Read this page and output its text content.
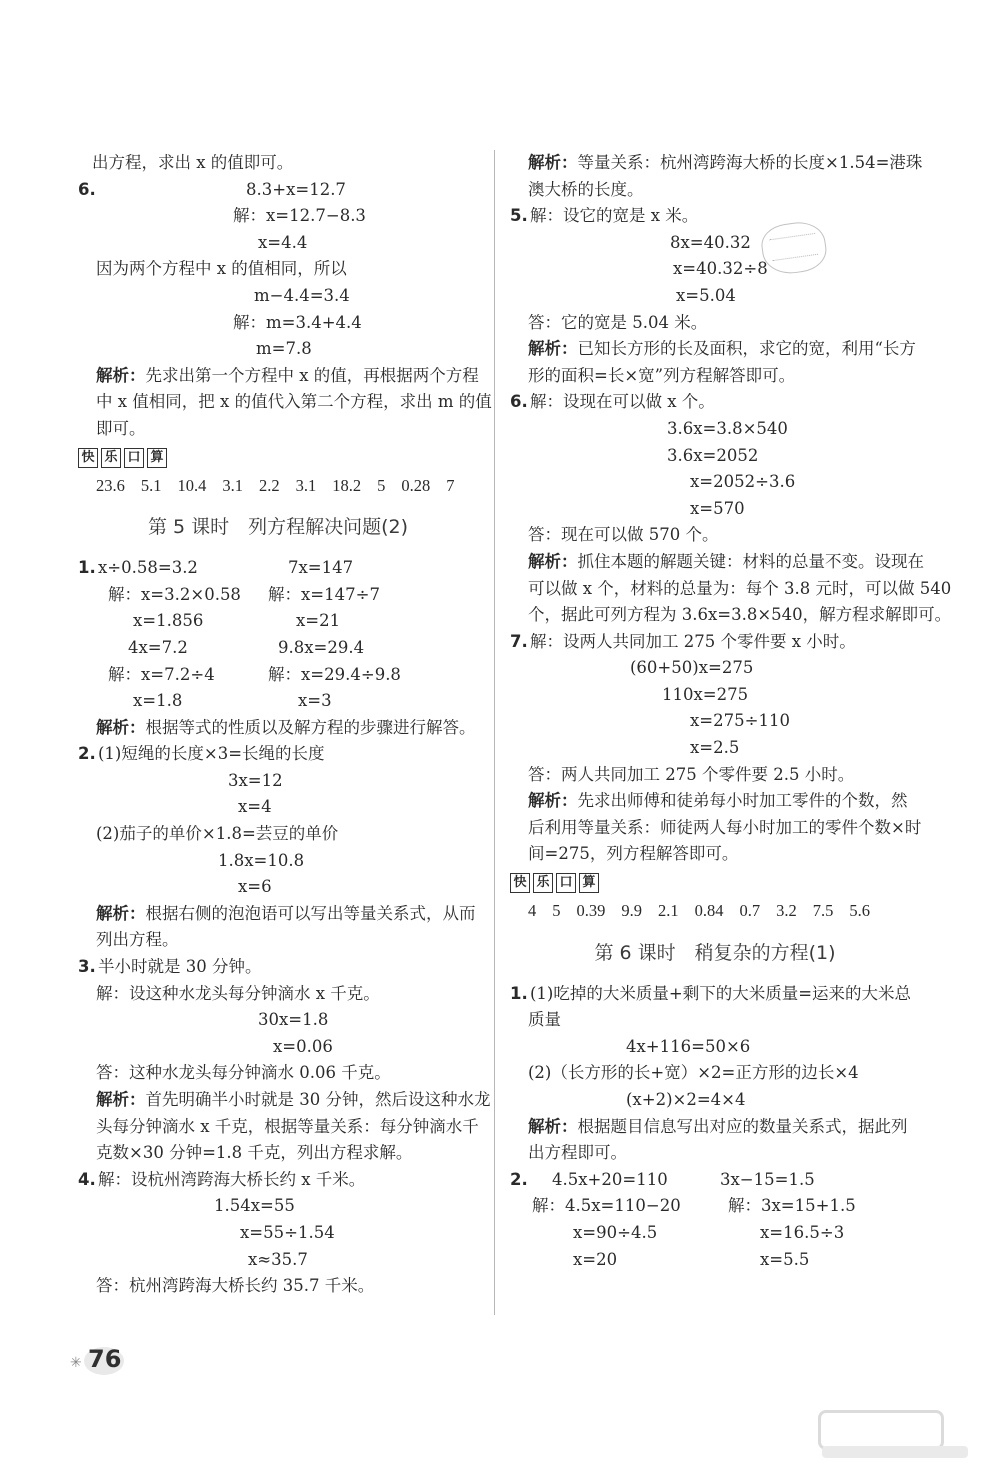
出方程，求出 x 的值即可。
6.	8.3+x=12.7
解：x=12.7−8.3
x=4.4
因为两个方程中 x 的值相同，所以
m−4.4=3.4
解：m=3.4+4.4
m=7.8
解析：先求出第一个方程中 x 的值，再根据两个方程
中 x 值相同，把 x 的值代入第二个方程，求出 m 的值
即可。
快 乐 口 算
23.6 5.1 10.4 3.1 2.2 3.1 18.2 5 0.28 7
第 5 课时　列方程解决问题(2)
1. x÷0.58=3.2	7x=147
解：x=3.2×0.58 解：x=147÷7
x=1.856	x=21
4x=7.2	9.8x=29.4
解：x=7.2÷4	解：x=29.4÷9.8
x=1.8	x=3
解析：根据等式的性质以及解方程的步骤进行解答。
2. (1)短绳的长度×3=长绳的长度
3x=12
x=4
(2)茄子的单价×1.8=芸豆的单价
1.8x=10.8
x=6
解析：根据右侧的泡泡语可以写出等量关系式，从而
列出方程。
3. 半小时就是 30 分钟。
解：设这种水龙头每分钟滴水 x 千克。
30x=1.8
x=0.06
答：这种水龙头每分钟滴水 0.06 千克。
解析：首先明确半小时就是 30 分钟，然后设这种水龙
头每分钟滴水 x 千克，根据等量关系：每分钟滴水千
克数×30 分钟=1.8 千克，列出方程求解。
4. 解：设杭州湾跨海大桥长约 x 千米。
1.54x=55
x=55÷1.54
x≈35.7
答：杭州湾跨海大桥长约 35.7 千米。
解析：等量关系：杭州湾跨海大桥的长度×1.54=港珠
澳大桥的长度。
5. 解：设它的宽是 x 米。
8x=40.32
x=40.32÷8
x=5.04
答：它的宽是 5.04 米。
解析：已知长方形的长及面积，求它的宽，利用“长方
形的面积=长×宽”列方程解答即可。
6. 解：设现在可以做 x 个。
3.6x=3.8×540
3.6x=2052
x=2052÷3.6
x=570
答：现在可以做 570 个。
解析：抓住本题的解题关键：材料的总量不变。设现在
可以做 x 个，材料的总量为：每个 3.8 元时，可以做 540
个，据此可列方程为 3.6x=3.8×540，解方程求解即可。
7. 解：设两人共同加工 275 个零件要 x 小时。
(60+50)x=275
110x=275
x=275÷110
x=2.5
答：两人共同加工 275 个零件要 2.5 小时。
解析：先求出师傅和徒弟每小时加工零件的个数，然
后利用等量关系：师徒两人每小时加工的零件个数×时
间=275，列方程解答即可。
快 乐 口 算
4 5 0.39 9.9 2.1 0.84 0.7 3.2 7.5 5.6
第 6 课时　稍复杂的方程(1)
1. (1)吃掉的大米质量+剩下的大米质量=运来的大米总
质量
4x+116=50×6
(2)（长方形的长+宽）×2=正方形的边长×4
(x+2)×2=4×4
解析：根据题目信息写出对应的数量关系式，据此列
出方程即可。
2. 4.5x+20=110	3x−15=1.5
解：4.5x=110−20	解：3x=15+1.5
x=90÷4.5	x=16.5÷3
x=20	x=5.5
✳ 76
